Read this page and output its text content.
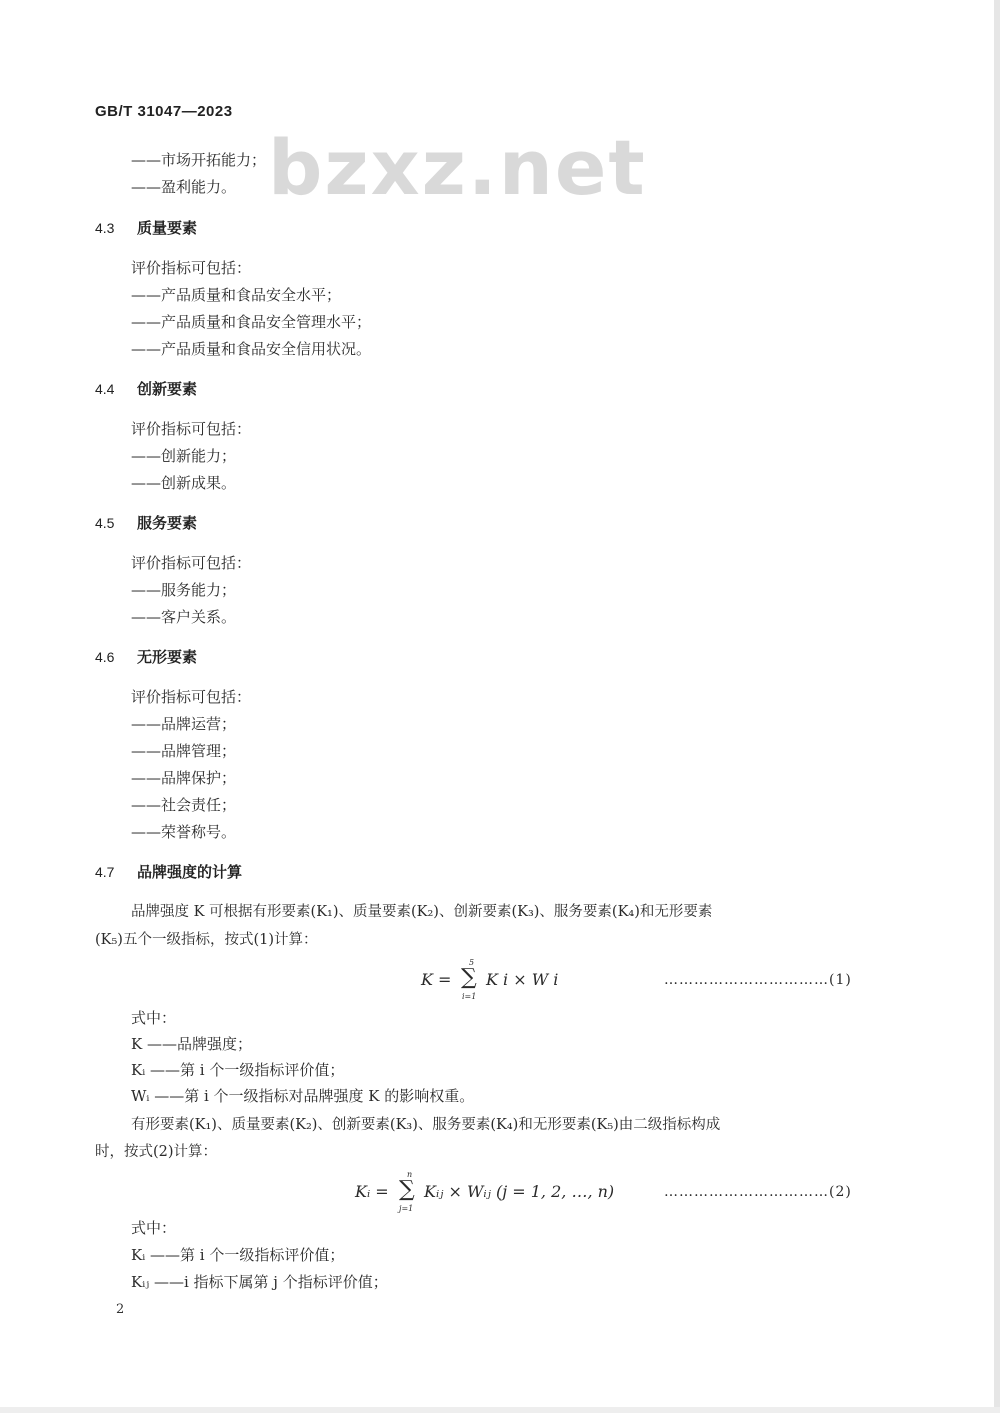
GB/T 31047—2023
bzxz.net
——市场开拓能力；
——盈利能力。
4.3 质量要素
评价指标可包括：
——产品质量和食品安全水平；
——产品质量和食品安全管理水平；
——产品质量和食品安全信用状况。
4.4 创新要素
评价指标可包括：
——创新能力；
——创新成果。
4.5 服务要素
评价指标可包括：
——服务能力；
——客户关系。
4.6 无形要素
评价指标可包括：
——品牌运营；
——品牌管理；
——品牌保护；
——社会责任；
——荣誉称号。
4.7 品牌强度的计算
品牌强度 K 可根据有形要素(K₁)、质量要素(K₂)、创新要素(K₃)、服务要素(K₄)和无形要素
(K₅)五个一级指标，按式(1)计算：
K =
5
∑
i=1
K i × W i	……………………………(1)
式中：
K ——品牌强度；
Kᵢ ——第 i 个一级指标评价值；
Wᵢ ——第 i 个一级指标对品牌强度 K 的影响权重。
有形要素(K₁)、质量要素(K₂)、创新要素(K₃)、服务要素(K₄)和无形要素(K₅)由二级指标构成
时，按式(2)计算：
Kᵢ =
n
∑
j=1
Kᵢⱼ × Wᵢⱼ (j = 1, 2, …, n)	……………………………(2)
式中：
Kᵢ ——第 i 个一级指标评价值；
Kᵢⱼ ——i 指标下属第 j 个指标评价值；
2
